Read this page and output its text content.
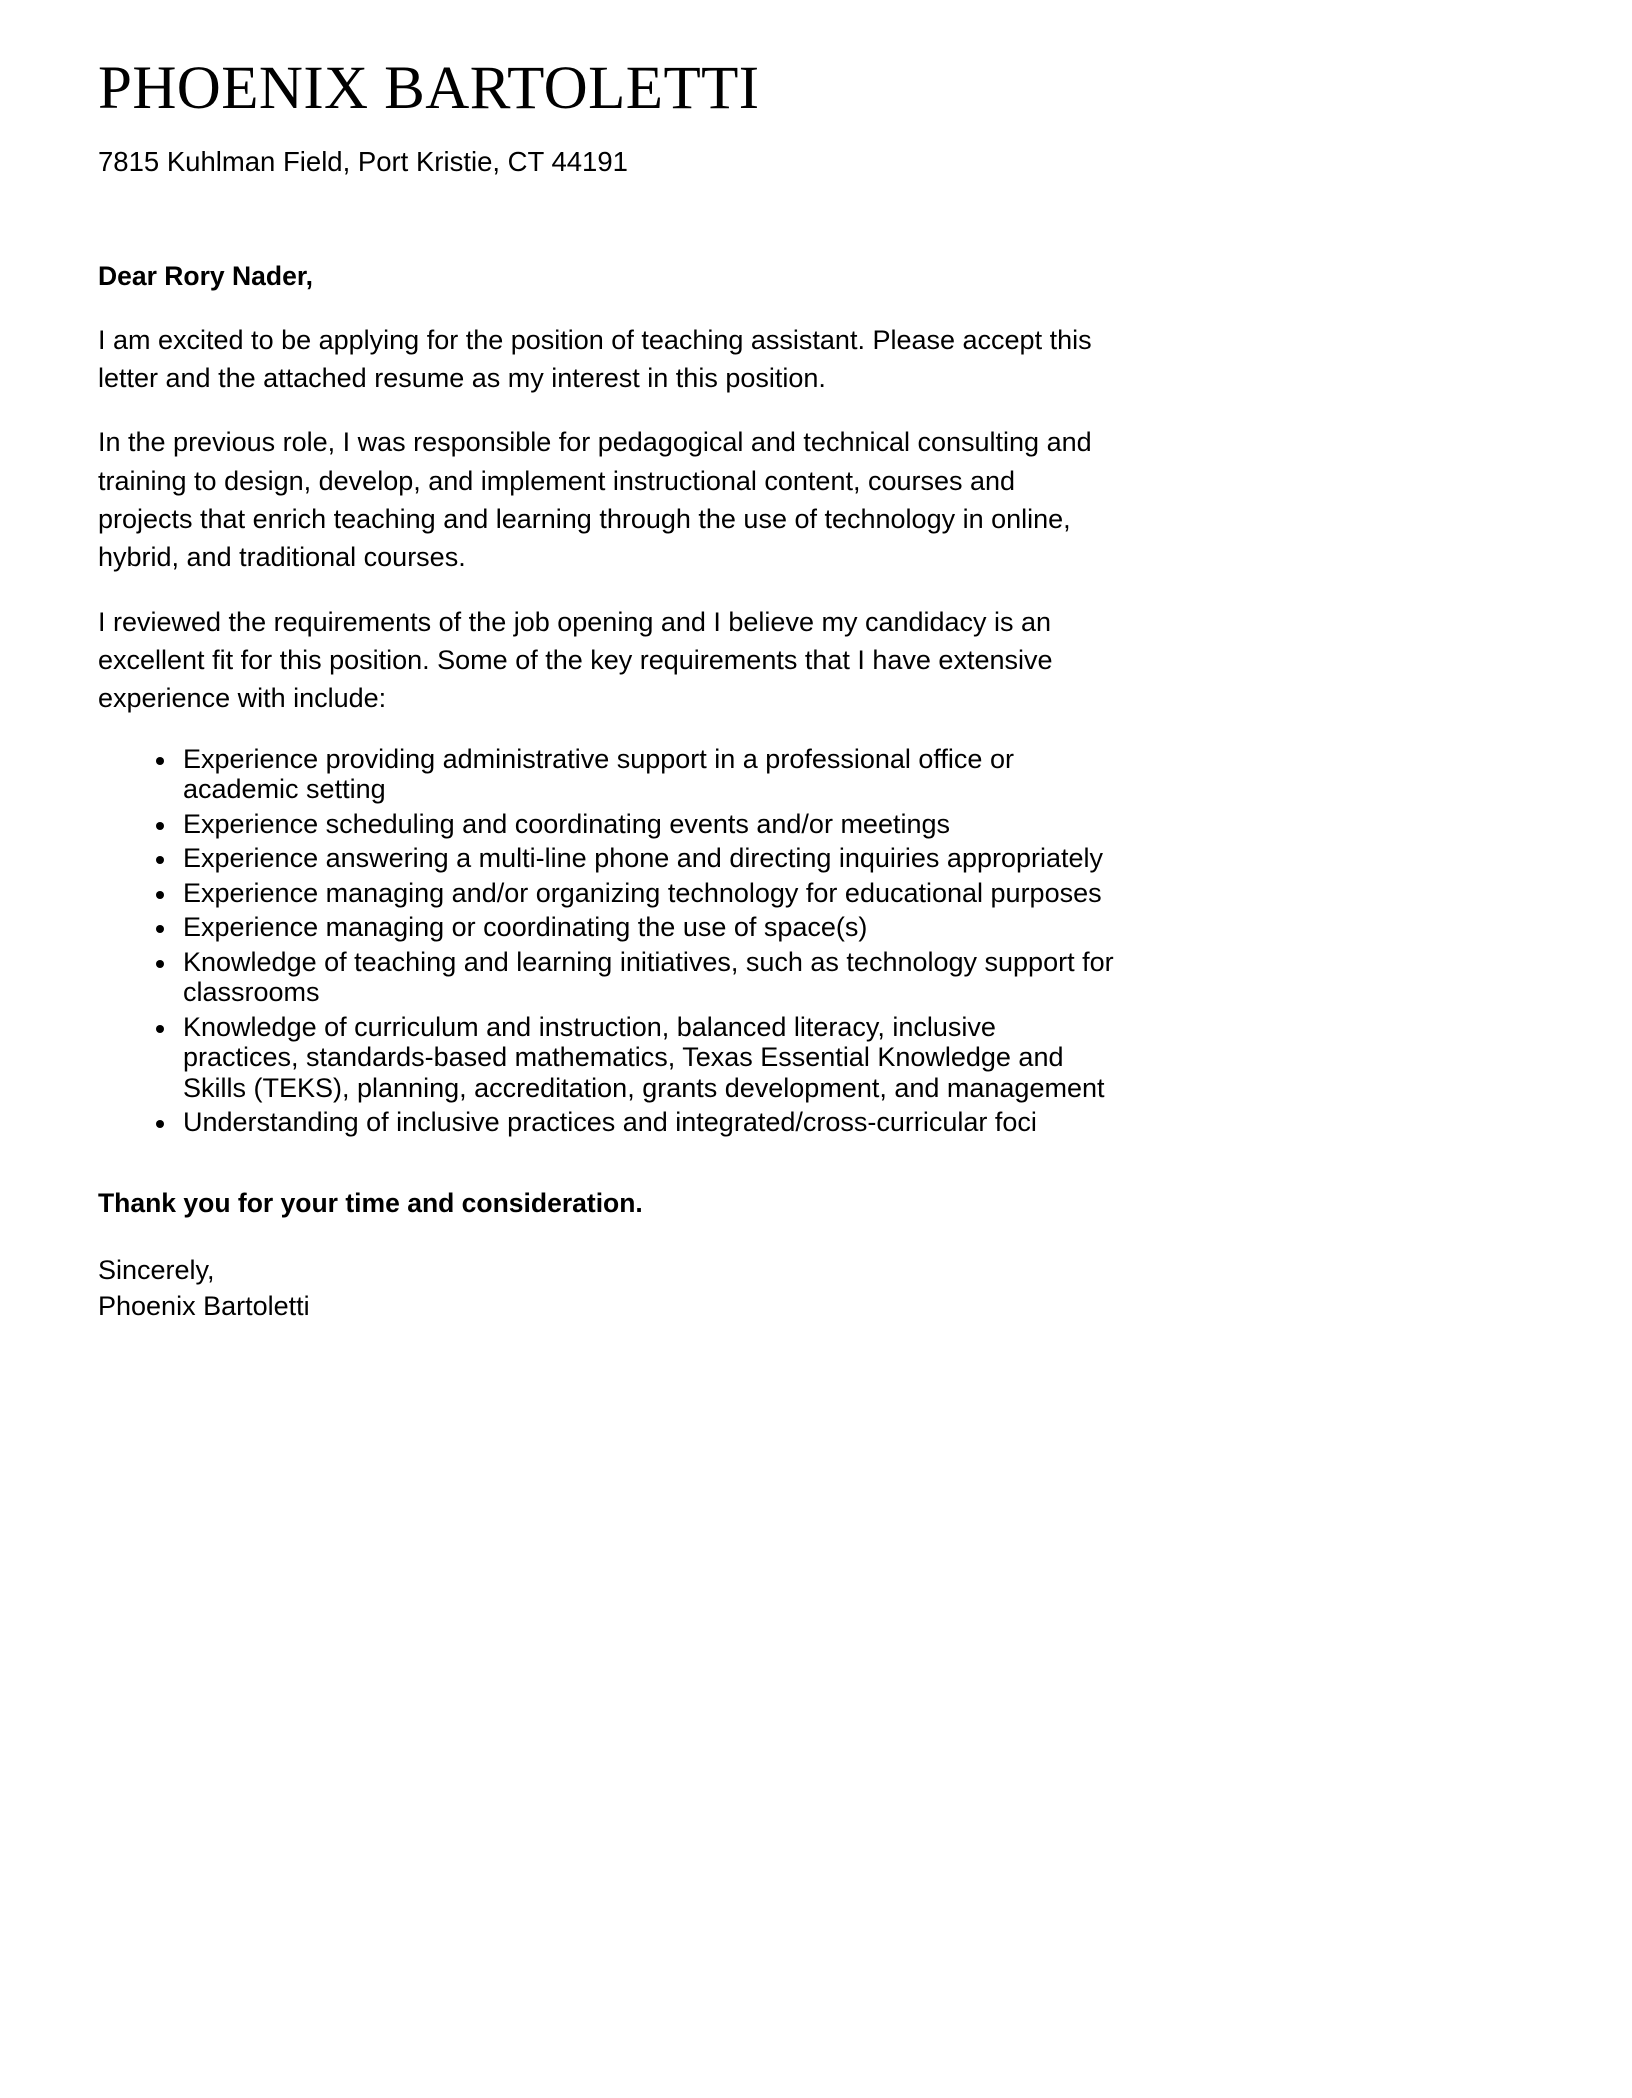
PHOENIX BARTOLETTI
7815 Kuhlman Field, Port Kristie, CT 44191
Dear Rory Nader,

I am excited to be applying for the position of teaching assistant. Please accept this letter and the attached resume as my interest in this position.

In the previous role, I was responsible for pedagogical and technical consulting and training to design, develop, and implement instructional content, courses and projects that enrich teaching and learning through the use of technology in online, hybrid, and traditional courses.

I reviewed the requirements of the job opening and I believe my candidacy is an excellent fit for this position. Some of the key requirements that I have extensive experience with include:

Experience providing administrative support in a professional office or academic setting
Experience scheduling and coordinating events and/or meetings
Experience answering a multi-line phone and directing inquiries appropriately
Experience managing and/or organizing technology for educational purposes
Experience managing or coordinating the use of space(s)
Knowledge of teaching and learning initiatives, such as technology support for classrooms
Knowledge of curriculum and instruction, balanced literacy, inclusive practices, standards-based mathematics, Texas Essential Knowledge and Skills (TEKS), planning, accreditation, grants development, and management
Understanding of inclusive practices and integrated/cross-curricular foci
Thank you for your time and consideration.
Sincerely,
Phoenix Bartoletti
